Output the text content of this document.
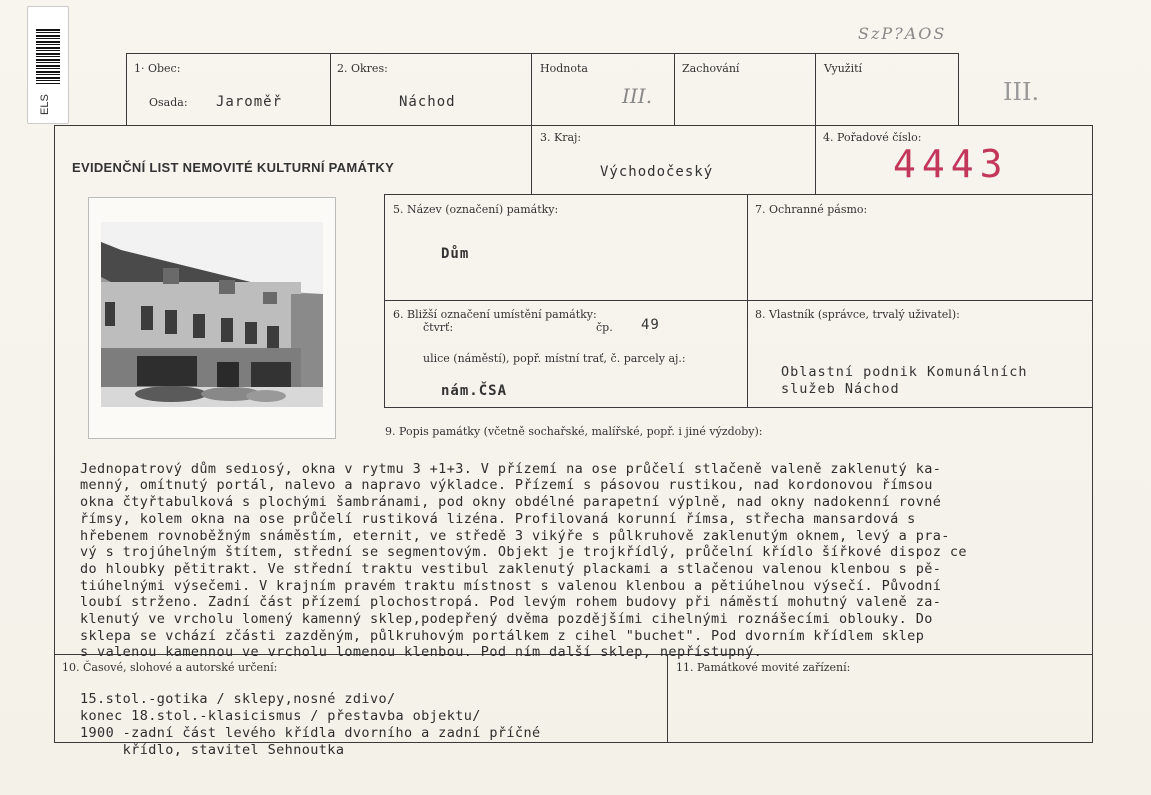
ELS
SzP?AOS
III.
1· Obec:
Osada: Jaroměř
2. Okres:
Náchod
Hodnota
III.
Zachování	Využití
EVIDENČNÍ LIST NEMOVITÉ KULTURNÍ PAMÁTKY
3. Kraj:
Východočeský
4. Pořadové číslo:
4443
5. Název (označení) památky:
Dům
7. Ochranné pásmo:
6. Bližší označení umístění památky:
čtvrť:	čp. 49
ulice (náměstí), popř. místní trať, č. parcely aj.:
nám.ČSA
8. Vlastník (správce, trvalý uživatel):
Oblastní podnik Komunálních
služeb Náchod
9. Popis památky (včetně sochařské, malířské, popř. i jiné výzdoby):

Jednopatrový dům sedıosý, okna v rytmu 3 +1+3. V přízemí na ose průčelí stlačeně valeně zaklenutý ka-
menný, omítnutý portál, nalevo a napravo výkladce. Přízemí s pásovou rustikou, nad kordonovou římsou
okna čtyřtabulková s plochými šambránami, pod okny obdélné parapetní výplně, nad okny nadokenní rovné
římsy, kolem okna na ose průčelí rustiková lizéna. Profilovaná korunní římsa, střecha mansardová s
hřebenem rovnoběžným snáměstím, eternit, ve středě 3 vikýře s půlkruhově zaklenutým oknem, levý a pra-
vý s trojúhelným štítem, střední se segmentovým. Objekt je trojkřídlý, průčelní křídlo šířkové dispoz ce
do hloubky pětitrakt. Ve střední traktu vestibul zaklenutý plackami a stlačenou valenou klenbou s pě-
tiúhelnými výsečemi. V krajním pravém traktu místnost s valenou klenbou a pětiúhelnou výsečí. Původní
loubí strženo. Zadní část přízemí plochostropá. Pod levým rohem budovy při náměstí mohutný valeně za-
klenutý ve vrcholu lomený kamenný sklep,podepřený dvěma pozdějšími cihelnými roznášecími oblouky. Do
sklepa se vchází zčásti zazděným, půlkruhovým portálkem z cihel "buchet". Pod dvorním křídlem sklep
s valenou kamennou ve vrcholu lomenou klenbou. Pod ním další sklep, nepřístupný.

10. Časové, slohové a autorské určení:

15.stol.-gotika / sklepy,nosné zdivo/
konec 18.stol.-klasicismus / přestavba objektu/
1900 -zadní část levého křídla dvorního a zadní příčné
křídlo, stavitel Sehnoutka

11. Památkové movité zařízení:
